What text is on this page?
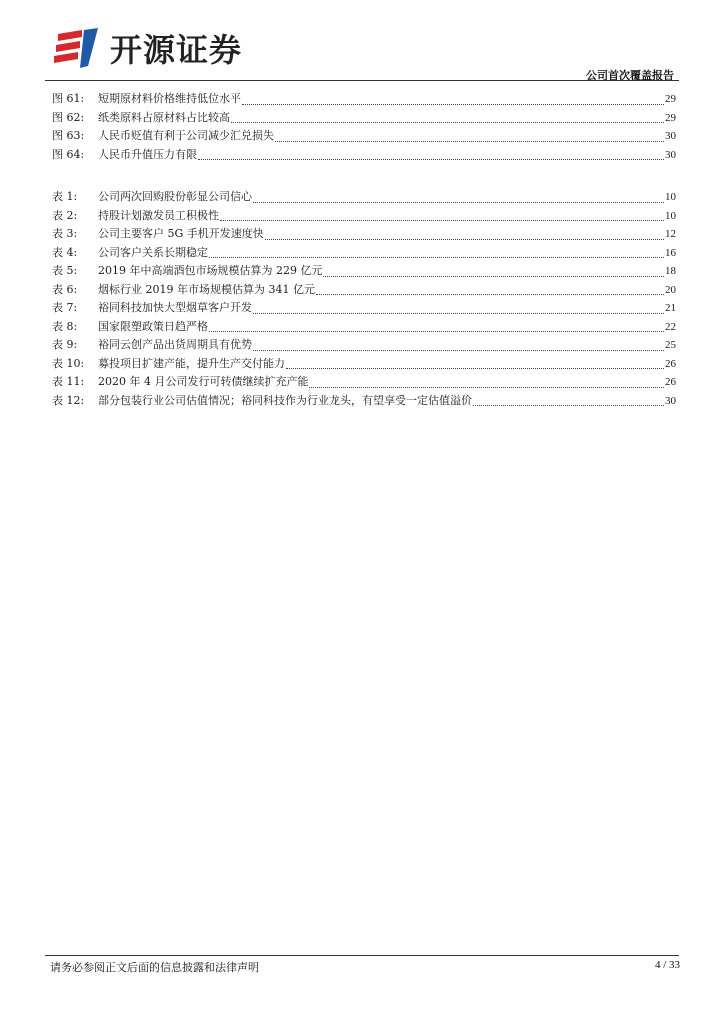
开源证券
公司首次覆盖报告
图 61:	短期原材料价格维持低位水平	29
图 62:	纸类原料占原材料占比较高	29
图 63:	人民币贬值有利于公司减少汇兑损失	30
图 64:	人民币升值压力有限	30
表 1:	公司两次回购股份彰显公司信心	10
表 2:	持股计划激发员工积极性	10
表 3:	公司主要客户 5G 手机开发速度快	12
表 4:	公司客户关系长期稳定	16
表 5:	2019 年中高端酒包市场规模估算为 229 亿元	18
表 6:	烟标行业 2019 年市场规模估算为 341 亿元	20
表 7:	裕同科技加快大型烟草客户开发	21
表 8:	国家限塑政策日趋严格	22
表 9:	裕同云创产品出货周期具有优势	25
表 10:	募投项目扩建产能，提升生产交付能力	26
表 11:	2020 年 4 月公司发行可转债继续扩充产能	26
表 12:	部分包装行业公司估值情况；裕同科技作为行业龙头，有望享受一定估值溢价	30
请务必参阅正文后面的信息披露和法律声明	4 / 33
